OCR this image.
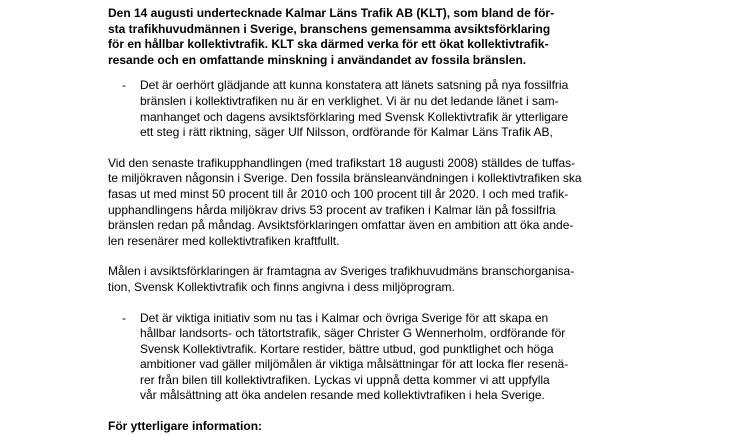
Den 14 augusti undertecknade Kalmar Läns Trafik AB (KLT), som bland de för-
sta trafikhuvudmännen i Sverige, branschens gemensamma avsiktsförklaring
för en hållbar kollektivtrafik. KLT ska därmed verka för ett ökat kollektivtrafik-
resande och en omfattande minskning i användandet av fossila bränslen.
- Det är oerhört glädjande att kunna konstatera att länets satsning på nya fossilfria
bränslen i kollektivtrafiken nu är en verklighet. Vi är nu det ledande länet i sam-
manhanget och dagens avsiktsförklaring med Svensk Kollektivtrafik är ytterligare
ett steg i rätt riktning, säger Ulf Nilsson, ordförande för Kalmar Läns Trafik AB,
Vid den senaste trafikupphandlingen (med trafikstart 18 augusti 2008) ställdes de tuffas-
te miljökraven någonsin i Sverige. Den fossila bränsleanvändningen i kollektivtrafiken ska
fasas ut med minst 50 procent till år 2010 och 100 procent till år 2020. I och med trafik-
upphandlingens hårda miljökrav drivs 53 procent av trafiken i Kalmar län på fossilfria
bränslen redan på måndag. Avsiktsförklaringen omfattar även en ambition att öka ande-
len resenärer med kollektivtrafiken kraftfullt.
Målen i avsiktsförklaringen är framtagna av Sveriges trafikhuvudmäns branschorganisa-
tion, Svensk Kollektivtrafik och finns angivna i dess miljöprogram.
- Det är viktiga initiativ som nu tas i Kalmar och övriga Sverige för att skapa en
hållbar landsorts- och tätortstrafik, säger Christer G Wennerholm, ordförande för
Svensk Kollektivtrafik. Kortare restider, bättre utbud, god punktlighet och höga
ambitioner vad gäller miljömålen är viktiga målsättningar för att locka fler resenä-
rer från bilen till kollektivtrafiken. Lyckas vi uppnå detta kommer vi att uppfylla
vår målsättning att öka andelen resande med kollektivtrafiken i hela Sverige.
För ytterligare information:
